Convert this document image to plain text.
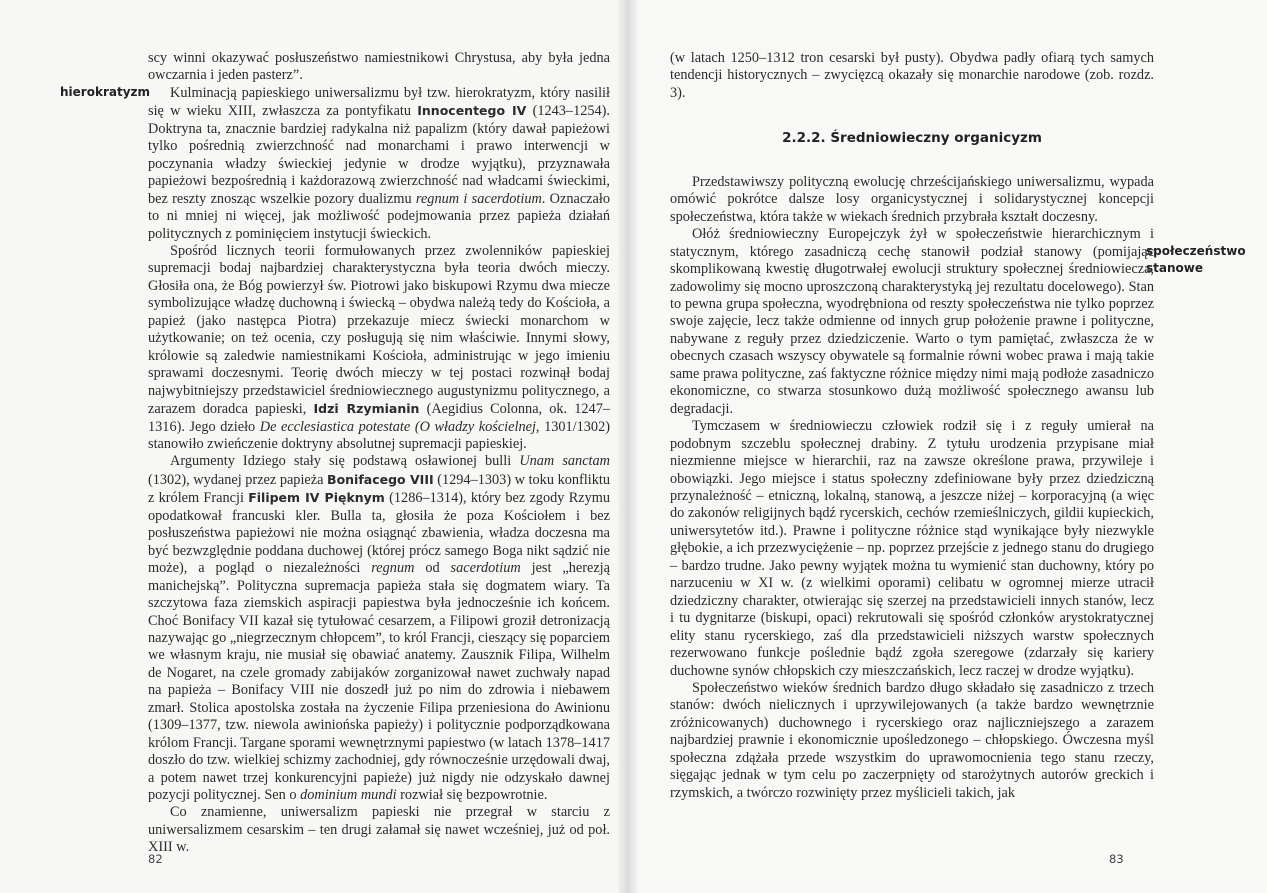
hierokratyzm

scy winni okazywać posłuszeństwo namiestnikowi Chrystusa, aby była jedna owczarnia i jeden pasterz”.

Kulminacją papieskiego uniwersalizmu był tzw. hierokratyzm, który nasilił się w wieku XIII, zwłaszcza za pontyfikatu Innocentego IV (1243–1254). Doktryna ta, znacznie bardziej radykalna niż papalizm (który dawał papieżowi tylko pośrednią zwierzchność nad monarchami i prawo interwencji w poczynania władzy świeckiej jedynie w drodze wyjątku), przyznawała papieżowi bezpośrednią i każdorazową zwierzchność nad władcami świeckimi, bez reszty znosząc wszelkie pozory dualizmu regnum i sacerdotium. Oznaczało to ni mniej ni więcej, jak możliwość podejmowania przez papieża działań politycznych z pominięciem instytucji świeckich.

Spośród licznych teorii formułowanych przez zwolenników papieskiej supremacji bodaj najbardziej charakterystyczna była teoria dwóch mieczy. Głosiła ona, że Bóg powierzył św. Piotrowi jako biskupowi Rzymu dwa miecze symbolizujące władzę duchowną i świecką – obydwa należą tedy do Kościoła, a papież (jako następca Piotra) przekazuje miecz świecki monarchom w użytkowanie; on też ocenia, czy posługują się nim właściwie. Innymi słowy, królowie są zaledwie namiestnikami Kościoła, administrując w jego imieniu sprawami doczesnymi. Teorię dwóch mieczy w tej postaci rozwinął bodaj najwybitniejszy przedstawiciel średniowiecznego augustynizmu politycznego, a zarazem doradca papieski, Idzi Rzymianin (Aegidius Colonna, ok. 1247–1316). Jego dzieło De ecclesiastica potestate (O władzy kościelnej, 1301/1302) stanowiło zwieńczenie doktryny absolutnej supremacji papieskiej.

Argumenty Idziego stały się podstawą osławionej bulli Unam sanctam (1302), wydanej przez papieża Bonifacego VIII (1294–1303) w toku konfliktu z królem Francji Filipem IV Pięknym (1286–1314), który bez zgody Rzymu opodatkował francuski kler. Bulla ta, głosiła że poza Kościołem i bez posłuszeństwa papieżowi nie można osiągnąć zbawienia, władza doczesna ma być bezwzględnie poddana duchowej (której prócz samego Boga nikt sądzić nie może), a pogląd o niezależności regnum od sacerdotium jest „herezją manichejską”. Polityczna supremacja papieża stała się dogmatem wiary. Ta szczytowa faza ziemskich aspiracji papiestwa była jednocześnie ich końcem. Choć Bonifacy VII kazał się tytułować cesarzem, a Filipowi groził detronizacją nazywając go „niegrzecznym chłopcem”, to król Francji, cieszący się poparciem we własnym kraju, nie musiał się obawiać anatemy. Zausznik Filipa, Wilhelm de Nogaret, na czele gromady zabijaków zorganizował nawet zuchwały napad na papieża – Bonifacy VIII nie doszedł już po nim do zdrowia i niebawem zmarł. Stolica apostolska została na życzenie Filipa przeniesiona do Awinionu (1309–1377, tzw. niewola awiniońska papieży) i politycznie podporządkowana królom Francji. Targane sporami wewnętrznymi papiestwo (w latach 1378–1417 doszło do tzw. wielkiej schizmy zachodniej, gdy równocześnie urzędowali dwaj, a potem nawet trzej konkurencyjni papieże) już nigdy nie odzyskało dawnej pozycji politycznej. Sen o dominium mundi rozwiał się bezpowrotnie.

Co znamienne, uniwersalizm papieski nie przegrał w starciu z uniwersalizmem cesarskim – ten drugi załamał się nawet wcześniej, już od poł. XIII w.

82
społeczeństwo stanowe

(w latach 1250–1312 tron cesarski był pusty). Obydwa padły ofiarą tych samych tendencji historycznych – zwycięzcą okazały się monarchie narodowe (zob. rozdz. 3).

2.2.2. Średniowieczny organicyzm

Przedstawiwszy polityczną ewolucję chrześcijańskiego uniwersalizmu, wypada omówić pokrótce dalsze losy organicystycznej i solidarystycznej koncepcji społeczeństwa, która także w wiekach średnich przybrała kształt doczesny.

Ołóż średniowieczny Europejczyk żył w społeczeństwie hierarchicznym i statycznym, którego zasadniczą cechę stanowił podział stanowy (pomijając skomplikowaną kwestię długotrwałej ewolucji struktury społecznej średniowiecza, zadowolimy się mocno uproszczoną charakterystyką jej rezultatu docelowego). Stan to pewna grupa społeczna, wyodrębniona od reszty społeczeństwa nie tylko poprzez swoje zajęcie, lecz także odmienne od innych grup położenie prawne i polityczne, nabywane z reguły przez dziedziczenie. Warto o tym pamiętać, zwłaszcza że w obecnych czasach wszyscy obywatele są formalnie równi wobec prawa i mają takie same prawa polityczne, zaś faktyczne różnice między nimi mają podłoże zasadniczo ekonomiczne, co stwarza stosunkowo dużą możliwość społecznego awansu lub degradacji.

Tymczasem w średniowieczu człowiek rodził się i z reguły umierał na podobnym szczeblu społecznej drabiny. Z tytułu urodzenia przypisane miał niezmienne miejsce w hierarchii, raz na zawsze określone prawa, przywileje i obowiązki. Jego miejsce i status społeczny zdefiniowane były przez dziedziczną przynależność – etniczną, lokalną, stanową, a jeszcze niżej – korporacyjną (a więc do zakonów religijnych bądź rycerskich, cechów rzemieślniczych, gildii kupieckich, uniwersytetów itd.). Prawne i polityczne różnice stąd wynikające były niezwykle głębokie, a ich przezwyciężenie – np. poprzez przejście z jednego stanu do drugiego – bardzo trudne. Jako pewny wyjątek można tu wymienić stan duchowny, który po narzuceniu w XI w. (z wielkimi oporami) celibatu w ogromnej mierze utracił dziedziczny charakter, otwierając się szerzej na przedstawicieli innych stanów, lecz i tu dygnitarze (biskupi, opaci) rekrutowali się spośród członków arystokratycznej elity stanu rycerskiego, zaś dla przedstawicieli niższych warstw społecznych rezerwowano funkcje poślednie bądź zgoła szeregowe (zdarzały się kariery duchowne synów chłopskich czy mieszczańskich, lecz raczej w drodze wyjątku).

Społeczeństwo wieków średnich bardzo długo składało się zasadniczo z trzech stanów: dwóch nielicznych i uprzywilejowanych (a także bardzo wewnętrznie zróżnicowanych) duchownego i rycerskiego oraz najliczniejszego a zarazem najbardziej prawnie i ekonomicznie upośledzonego – chłopskiego. Ówczesna myśl społeczna zdążała przede wszystkim do uprawomocnienia tego stanu rzeczy, sięgając jednak w tym celu po zaczerpnięty od starożytnych autorów greckich i rzymskich, a twórczo rozwinięty przez myślicieli takich, jak

83
